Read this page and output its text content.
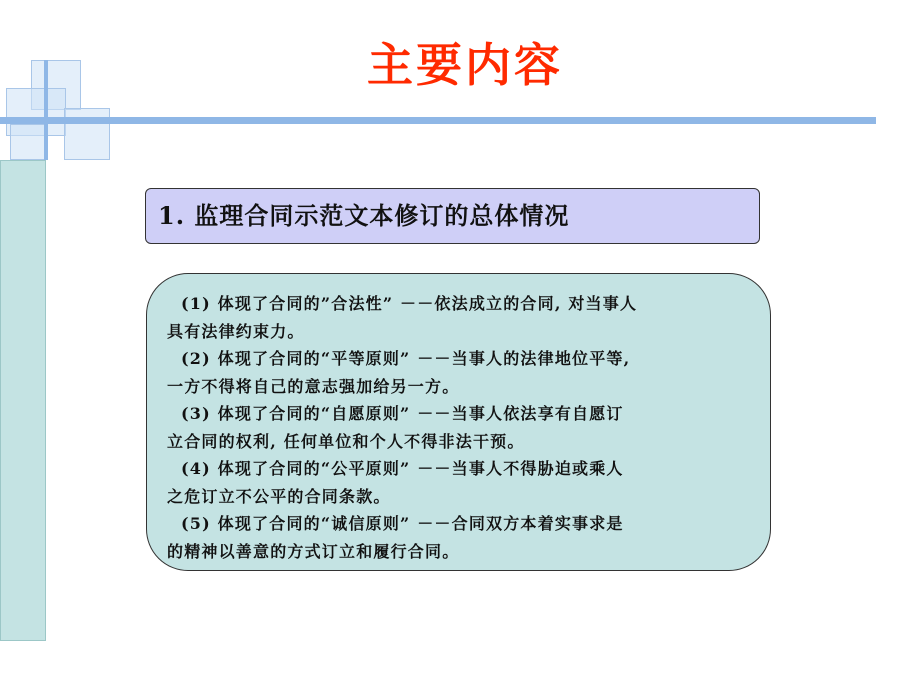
主要内容
1. 监理合同示范文本修订的总体情况

(1) 体现了合同的”合法性” －－依法成立的合同, 对当事人

具有法律约束力。

(2) 体现了合同的“平等原则” －－当事人的法律地位平等,

一方不得将自己的意志强加给另一方。

(3) 体现了合同的“自愿原则” －－当事人依法享有自愿订

立合同的权利, 任何单位和个人不得非法干预。

(4) 体现了合同的“公平原则” －－当事人不得胁迫或乘人

之危订立不公平的合同条款。

(5) 体现了合同的“诚信原则” －－合同双方本着实事求是

的精神以善意的方式订立和履行合同。
